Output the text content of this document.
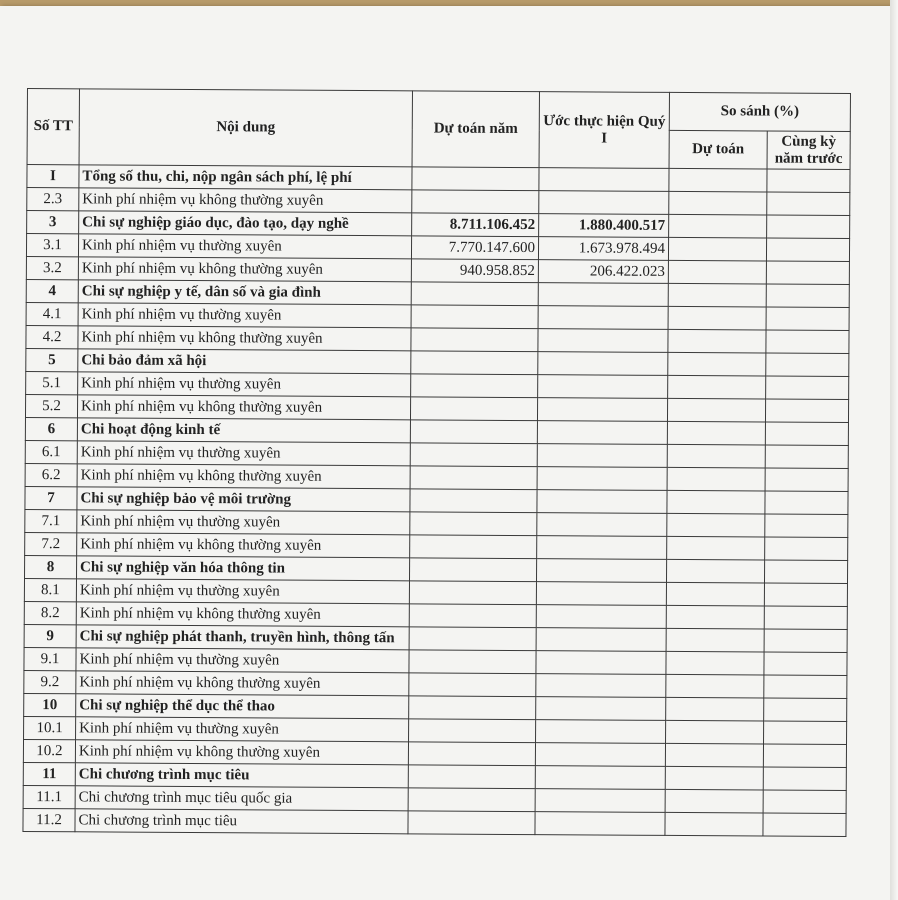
Số TT	Nội dung	Dự toán năm	Ước thực hiện Quý I	So sánh (%)	
				Dự toán	Cùng kỳ năm trước
I	Tổng số thu, chi, nộp ngân sách phí, lệ phí				
2.3	Kinh phí nhiệm vụ không thường xuyên				
3	Chi sự nghiệp giáo dục, đào tạo, dạy nghề	8.711.106.452	1.880.400.517		
3.1	Kinh phí nhiệm vụ thường xuyên	7.770.147.600	1.673.978.494		
3.2	Kinh phí nhiệm vụ không thường xuyên	940.958.852	206.422.023		
4	Chi sự nghiệp y tế, dân số và gia đình				
4.1	Kinh phí nhiệm vụ thường xuyên				
4.2	Kinh phí nhiệm vụ không thường xuyên				
5	Chi bảo đảm xã hội				
5.1	Kinh phí nhiệm vụ thường xuyên				
5.2	Kinh phí nhiệm vụ không thường xuyên				
6	Chi hoạt động kinh tế				
6.1	Kinh phí nhiệm vụ thường xuyên				
6.2	Kinh phí nhiệm vụ không thường xuyên				
7	Chi sự nghiệp bảo vệ môi trường				
7.1	Kinh phí nhiệm vụ thường xuyên				
7.2	Kinh phí nhiệm vụ không thường xuyên				
8	Chi sự nghiệp văn hóa thông tin				
8.1	Kinh phí nhiệm vụ thường xuyên				
8.2	Kinh phí nhiệm vụ không thường xuyên				
9	Chi sự nghiệp phát thanh, truyền hình, thông tấn				
9.1	Kinh phí nhiệm vụ thường xuyên				
9.2	Kinh phí nhiệm vụ không thường xuyên				
10	Chi sự nghiệp thể dục thể thao				
10.1	Kinh phí nhiệm vụ thường xuyên				
10.2	Kinh phí nhiệm vụ không thường xuyên				
11	Chi chương trình mục tiêu				
11.1	Chi chương trình mục tiêu quốc gia				
11.2	Chi chương trình mục tiêu				
